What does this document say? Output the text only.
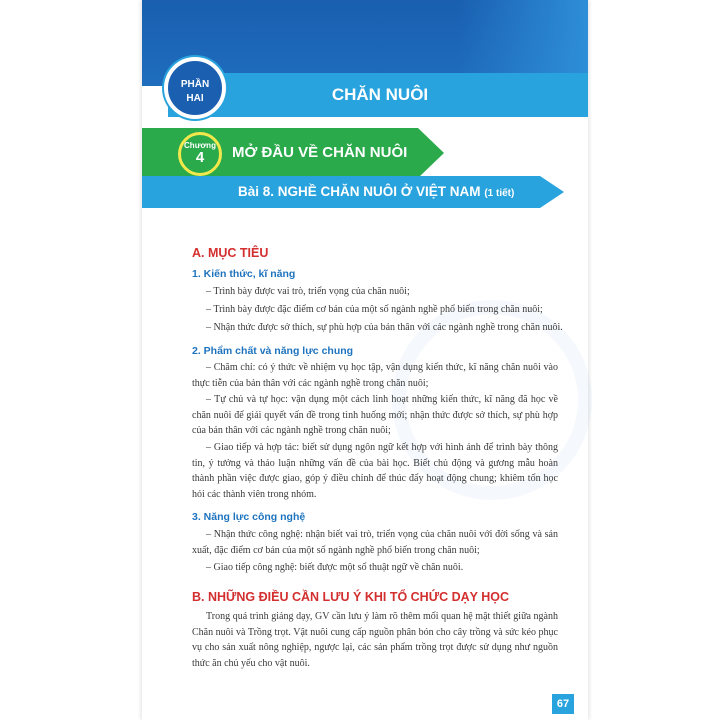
CHĂN NUÔI
PHẦN
HAI
Chương
4	MỞ ĐẦU VỀ CHĂN NUÔI
Bài 8. NGHỀ CHĂN NUÔI Ở VIỆT NAM (1 tiết)
A. MỤC TIÊU
1. Kiến thức, kĩ năng
– Trình bày được vai trò, triển vọng của chăn nuôi;
– Trình bày được đặc điểm cơ bản của một số ngành nghề phổ biến trong chăn nuôi;
– Nhận thức được sở thích, sự phù hợp của bản thân với các ngành nghề trong chăn nuôi.
2. Phẩm chất và năng lực chung
– Chăm chỉ: có ý thức về nhiệm vụ học tập, vận dụng kiến thức, kĩ năng chăn nuôi vào thực tiễn của bản thân với các ngành nghề trong chăn nuôi;
– Tự chủ và tự học: vận dụng một cách linh hoạt những kiến thức, kĩ năng đã học về chăn nuôi để giải quyết vấn đề trong tình huống mới; nhận thức được sở thích, sự phù hợp của bản thân với các ngành nghề trong chăn nuôi;
– Giao tiếp và hợp tác: biết sử dụng ngôn ngữ kết hợp với hình ảnh để trình bày thông tin, ý tưởng và thảo luận những vấn đề của bài học. Biết chủ động và gương mẫu hoàn thành phần việc được giao, góp ý điều chỉnh để thúc đẩy hoạt động chung; khiêm tốn học hỏi các thành viên trong nhóm.
3. Năng lực công nghệ
– Nhận thức công nghệ: nhận biết vai trò, triển vọng của chăn nuôi với đời sống và sản xuất, đặc điểm cơ bản của một số ngành nghề phổ biến trong chăn nuôi;
– Giao tiếp công nghệ: biết được một số thuật ngữ về chăn nuôi.
B. NHỮNG ĐIỀU CẦN LƯU Ý KHI TỔ CHỨC DẠY HỌC
Trong quá trình giảng dạy, GV cần lưu ý làm rõ thêm mối quan hệ mật thiết giữa ngành Chăn nuôi và Trồng trọt. Vật nuôi cung cấp nguồn phân bón cho cây trồng và sức kéo phục vụ cho sản xuất nông nghiệp, ngược lại, các sản phẩm trồng trọt được sử dụng như nguồn thức ăn chủ yếu cho vật nuôi.
67
